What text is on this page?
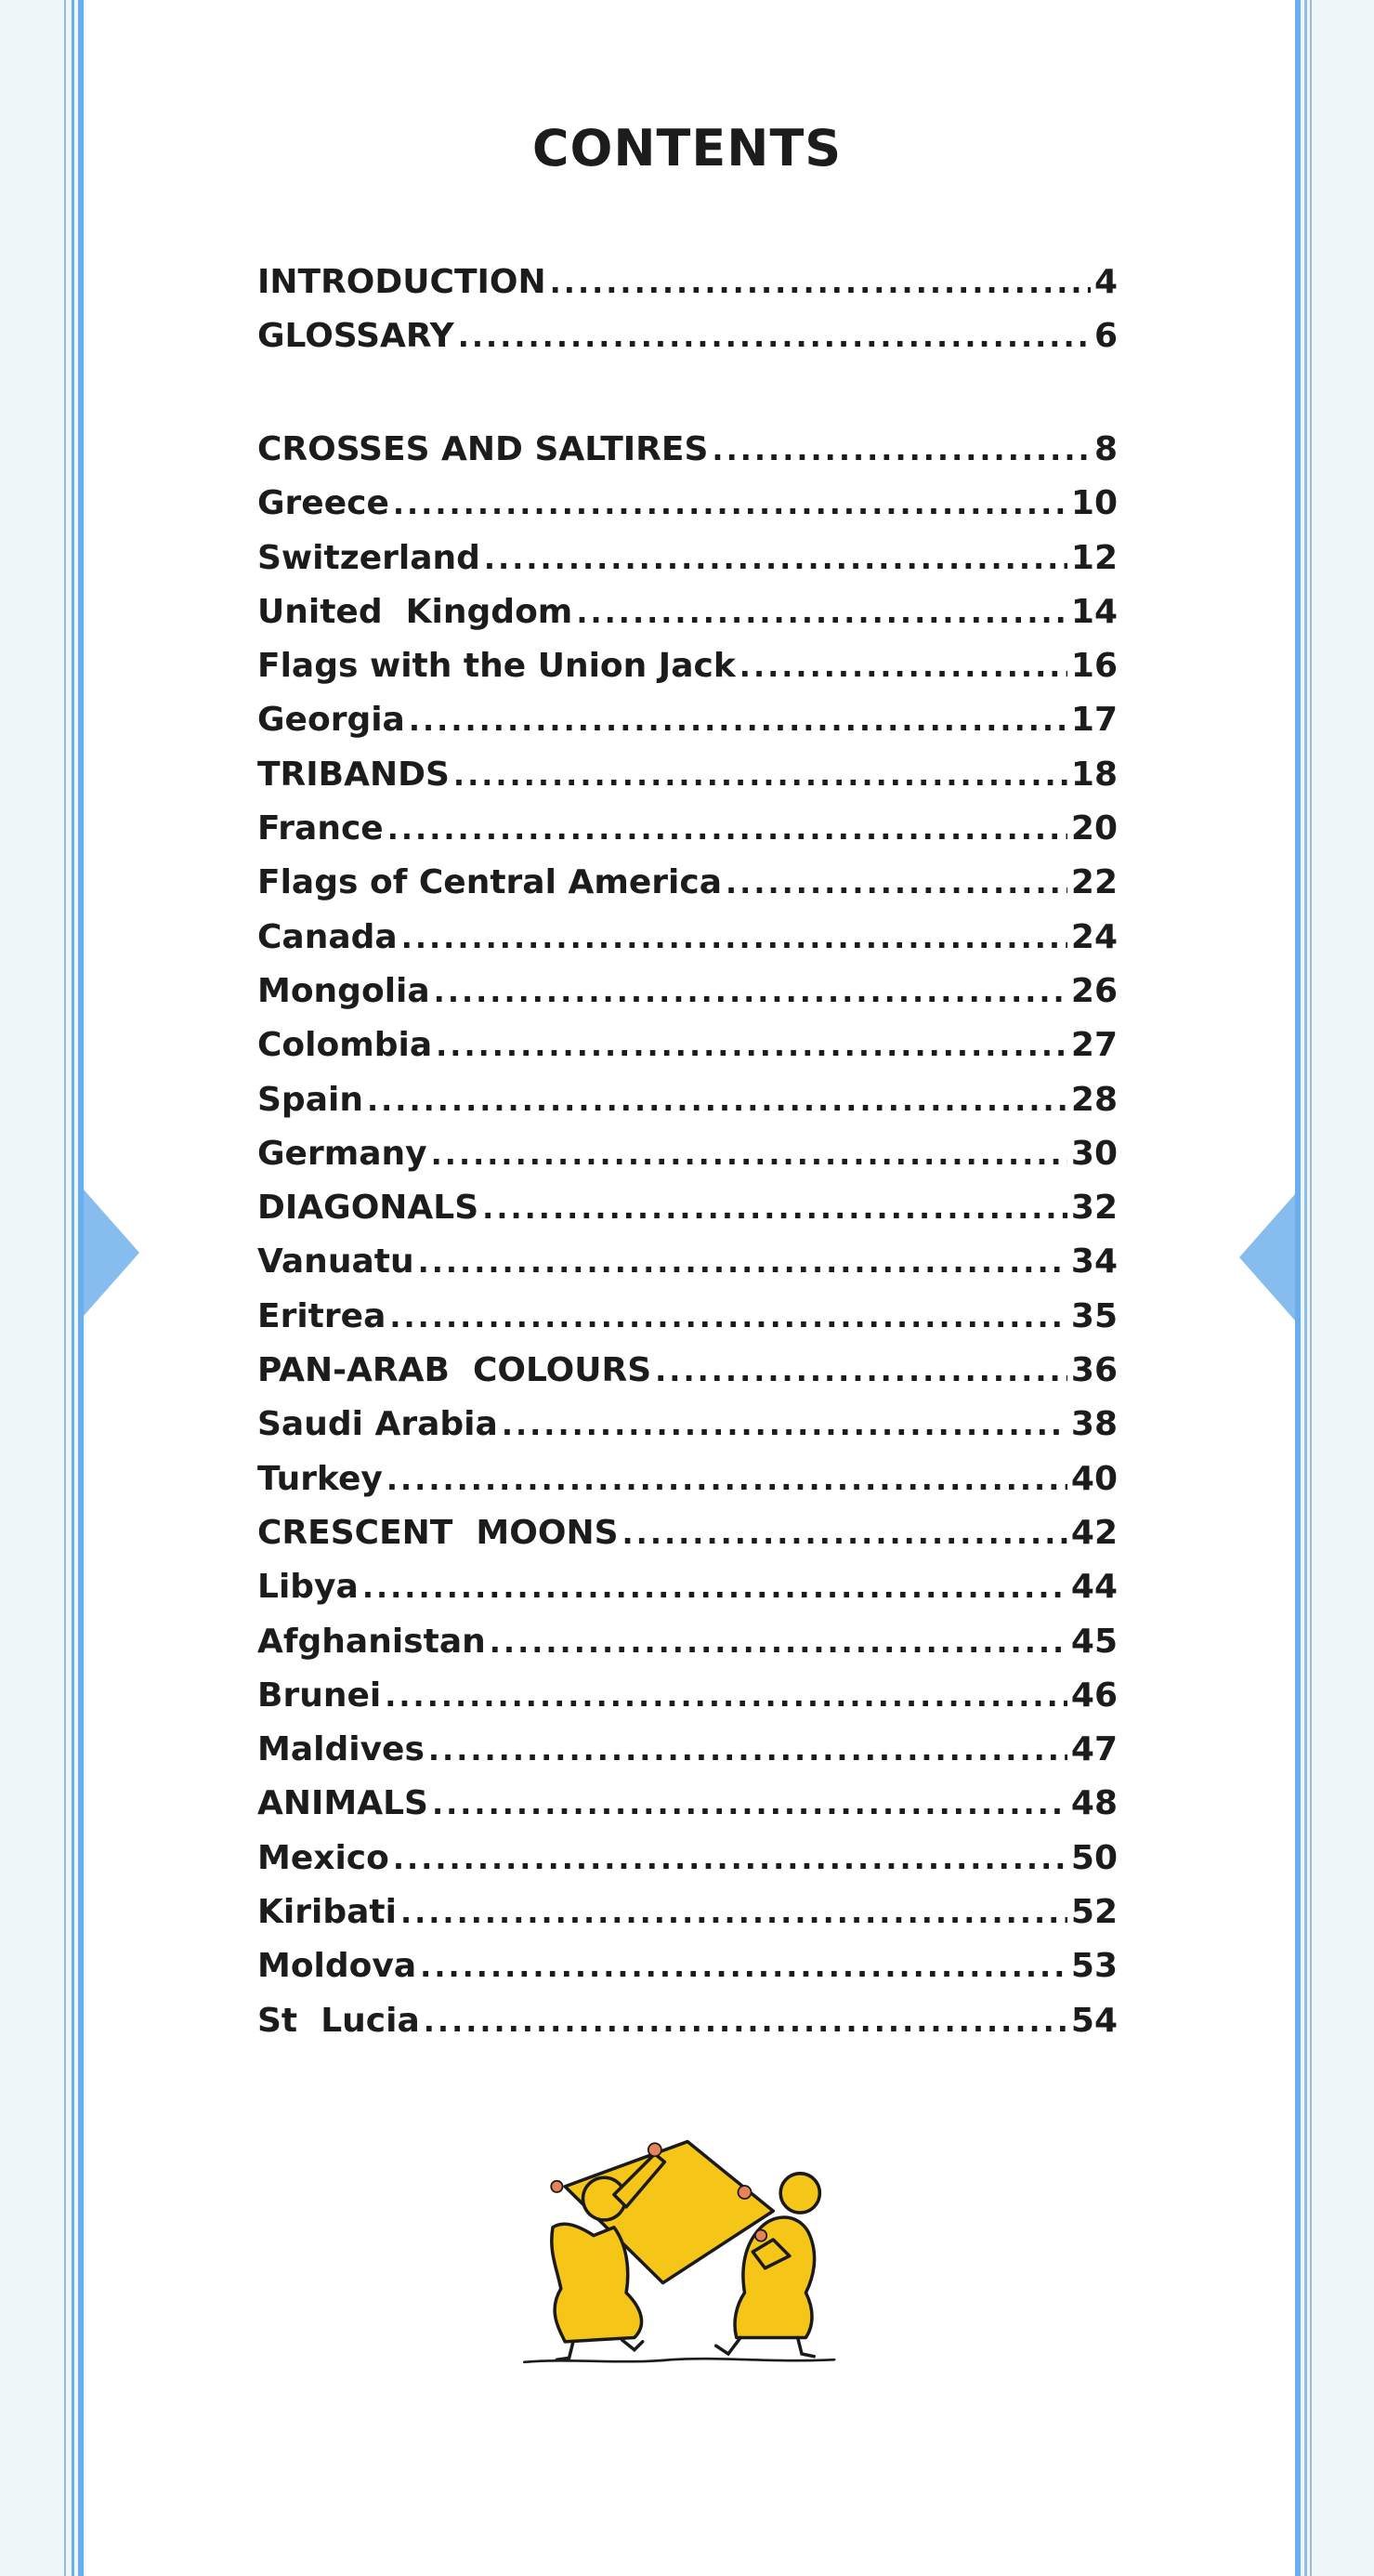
CONTENTS
INTRODUCTION .....	4
GLOSSARY .....	6
CROSSES AND SALTIRES .....	8
Greece .....	10
Switzerland .....	12
United  Kingdom .....	14
Flags with the Union Jack .....	16
Georgia .....	17
TRIBANDS .....	18
France .....	20
Flags of Central America .....	22
Canada .....	24
Mongolia .....	26
Colombia .....	27
Spain .....	28
Germany .....	30
DIAGONALS .....	32
Vanuatu .....	34
Eritrea .....	35
PAN-ARAB  COLOURS .....	36
Saudi Arabia .....	38
Turkey .....	40
CRESCENT  MOONS .....	42
Libya .....	44
Afghanistan .....	45
Brunei .....	46
Maldives .....	47
ANIMALS .....	48
Mexico .....	50
Kiribati .....	52
Moldova .....	53
St  Lucia .....	54
